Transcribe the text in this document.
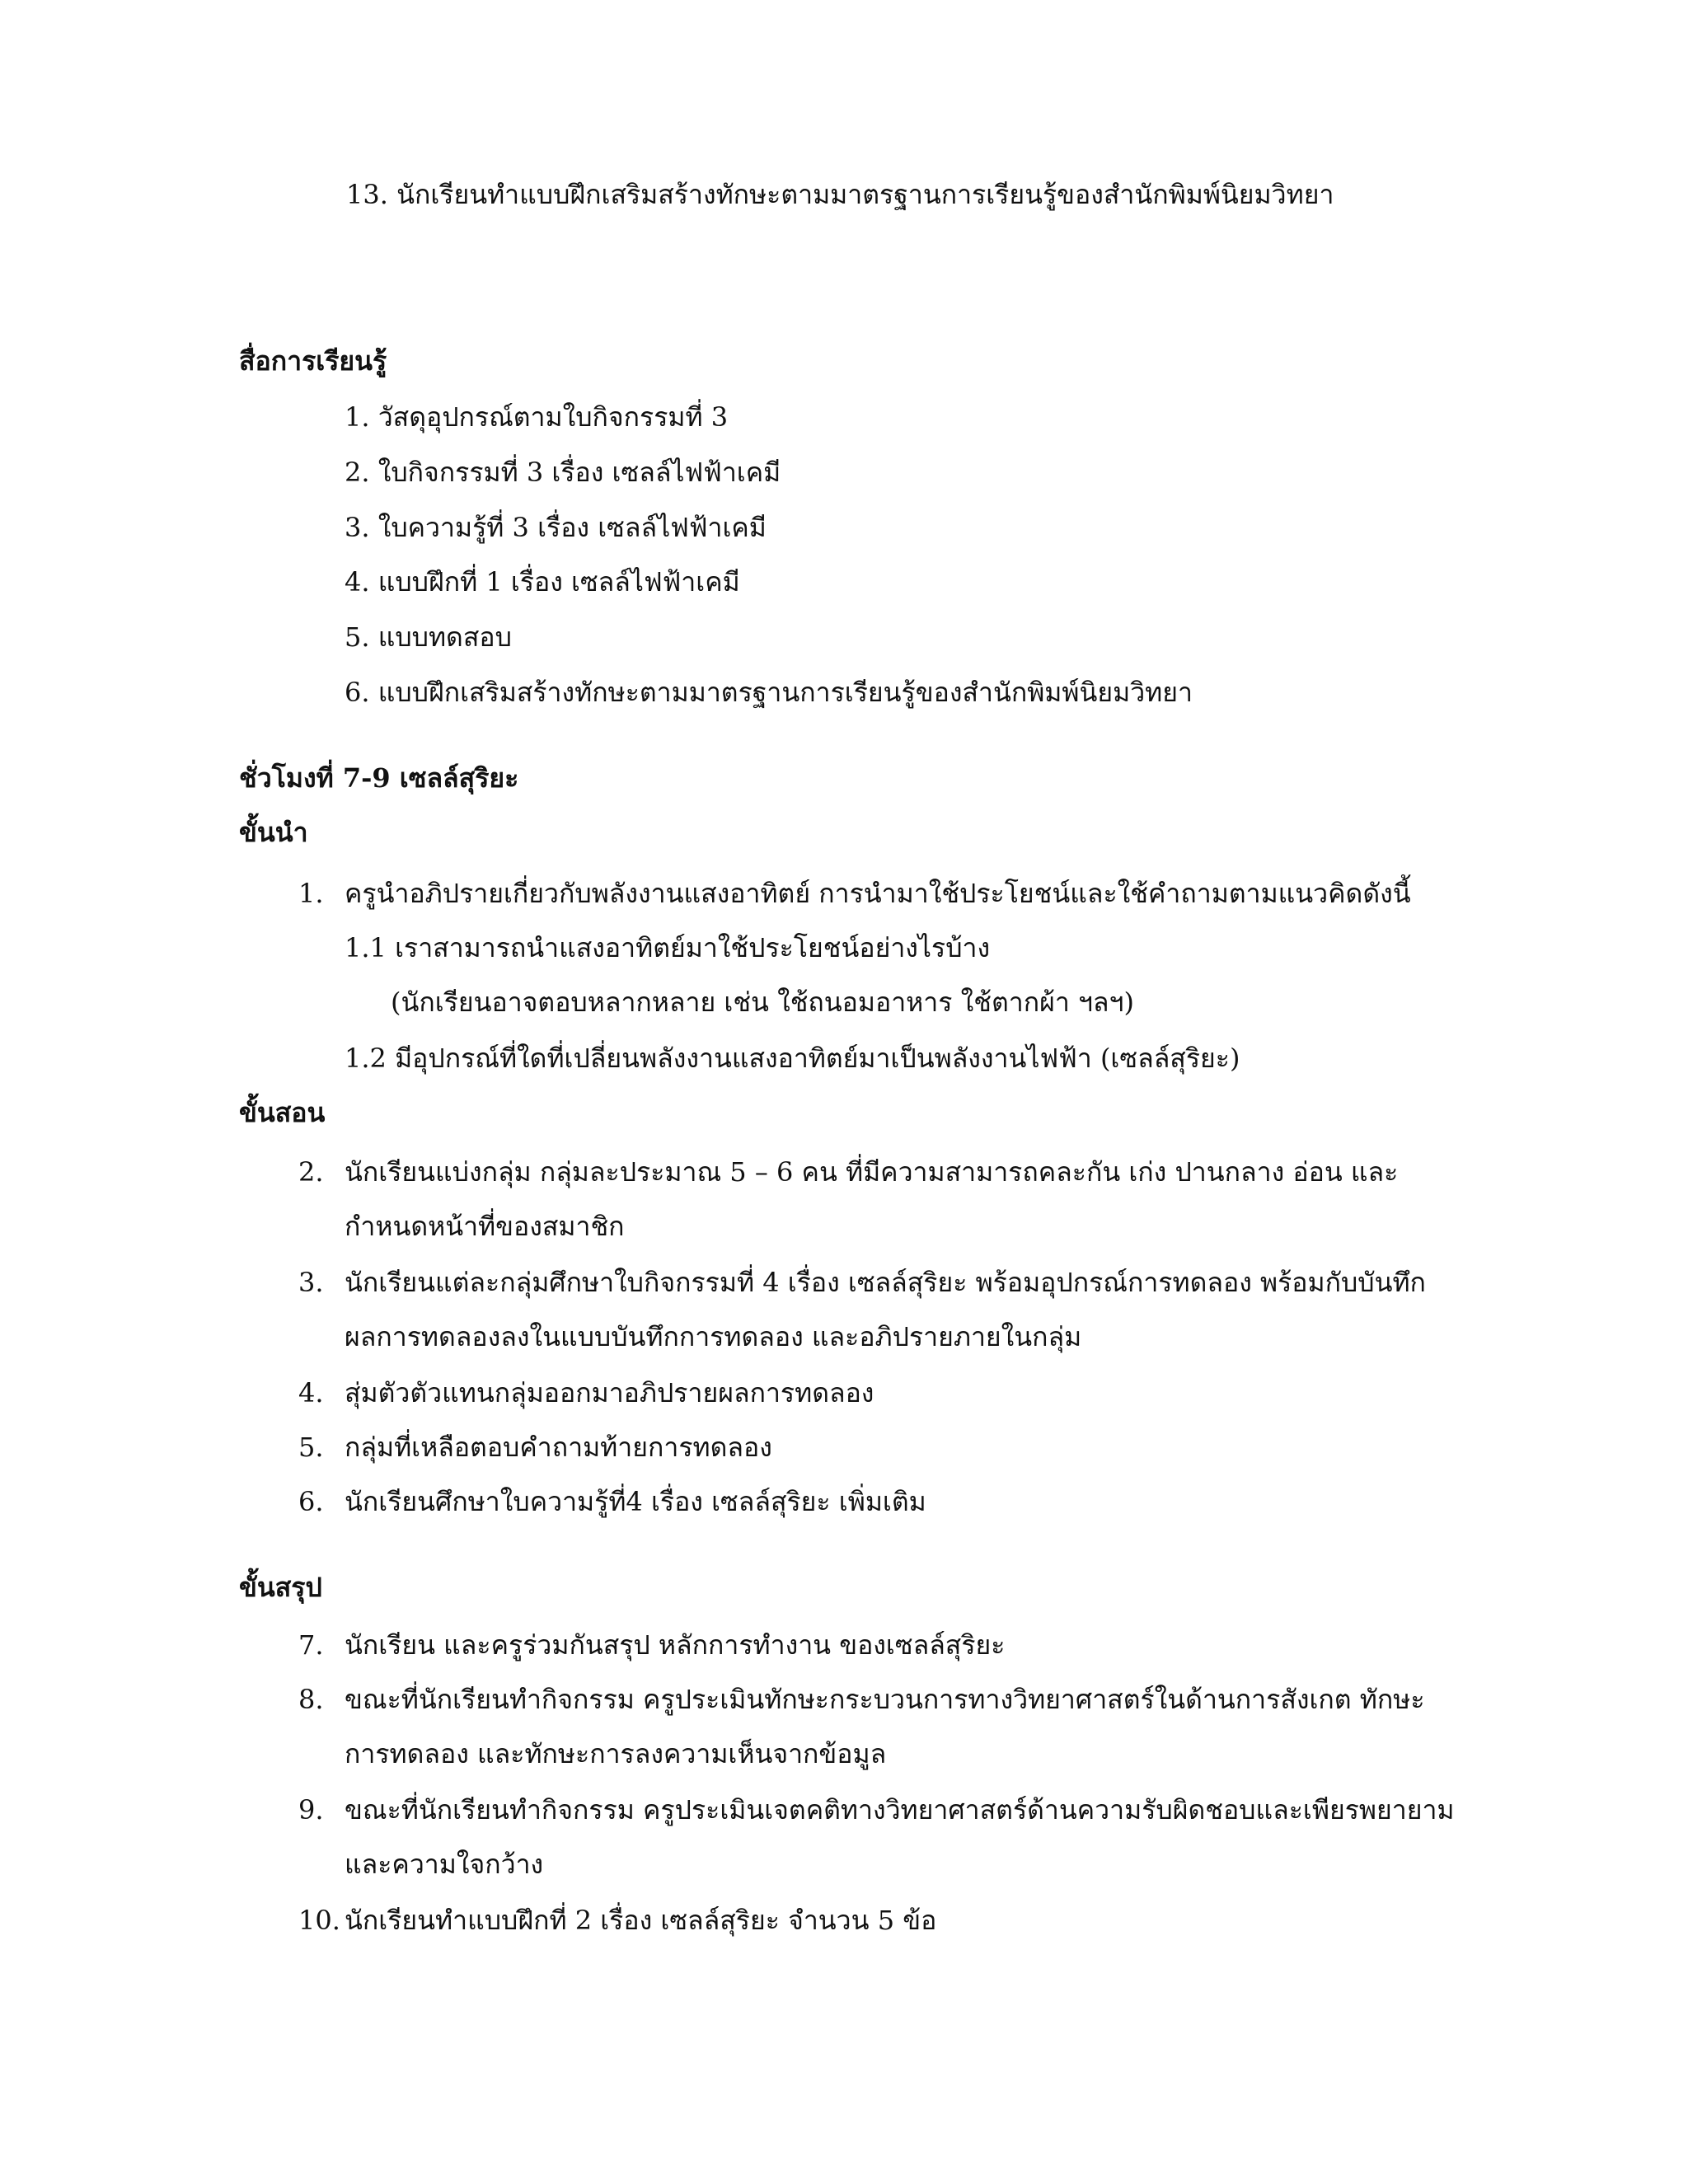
13. นักเรียนทำแบบฝึกเสริมสร้างทักษะตามมาตรฐานการเรียนรู้ของสำนักพิมพ์นิยมวิทยา
สื่อการเรียนรู้
1. วัสดุอุปกรณ์ตามใบกิจกรรมที่ 3
2. ใบกิจกรรมที่ 3 เรื่อง เซลล์ไฟฟ้าเคมี
3. ใบความรู้ที่ 3 เรื่อง เซลล์ไฟฟ้าเคมี
4. แบบฝึกที่ 1 เรื่อง เซลล์ไฟฟ้าเคมี
5. แบบทดสอบ
6. แบบฝึกเสริมสร้างทักษะตามมาตรฐานการเรียนรู้ของสำนักพิมพ์นิยมวิทยา
ชั่วโมงที่ 7-9 เซลล์สุริยะ
ขั้นนำ
1. ครูนำอภิปรายเกี่ยวกับพลังงานแสงอาทิตย์ การนำมาใช้ประโยชน์และใช้คำถามตามแนวคิดดังนี้
1.1 เราสามารถนำแสงอาทิตย์มาใช้ประโยชน์อย่างไรบ้าง
(นักเรียนอาจตอบหลากหลาย เช่น ใช้ถนอมอาหาร ใช้ตากผ้า ฯลฯ)
1.2 มีอุปกรณ์ที่ใดที่เปลี่ยนพลังงานแสงอาทิตย์มาเป็นพลังงานไฟฟ้า (เซลล์สุริยะ)
ขั้นสอน
2. นักเรียนแบ่งกลุ่ม กลุ่มละประมาณ 5 – 6 คน ที่มีความสามารถคละกัน เก่ง ปานกลาง อ่อน และ
กำหนดหน้าที่ของสมาชิก
3. นักเรียนแต่ละกลุ่มศึกษาใบกิจกรรมที่ 4 เรื่อง เซลล์สุริยะ พร้อมอุปกรณ์การทดลอง พร้อมกับบันทึก
ผลการทดลองลงในแบบบันทึกการทดลอง และอภิปรายภายในกลุ่ม
4. สุ่มตัวตัวแทนกลุ่มออกมาอภิปรายผลการทดลอง
5. กลุ่มที่เหลือตอบคำถามท้ายการทดลอง
6. นักเรียนศึกษาใบความรู้ที่4 เรื่อง เซลล์สุริยะ เพิ่มเติม
ขั้นสรุป
7. นักเรียน และครูร่วมกันสรุป หลักการทำงาน ของเซลล์สุริยะ
8. ขณะที่นักเรียนทำกิจกรรม ครูประเมินทักษะกระบวนการทางวิทยาศาสตร์ในด้านการสังเกต ทักษะ
การทดลอง และทักษะการลงความเห็นจากข้อมูล
9. ขณะที่นักเรียนทำกิจกรรม ครูประเมินเจตคติทางวิทยาศาสตร์ด้านความรับผิดชอบและเพียรพยายาม
และความใจกว้าง
10. นักเรียนทำแบบฝึกที่ 2 เรื่อง เซลล์สุริยะ จำนวน 5 ข้อ
